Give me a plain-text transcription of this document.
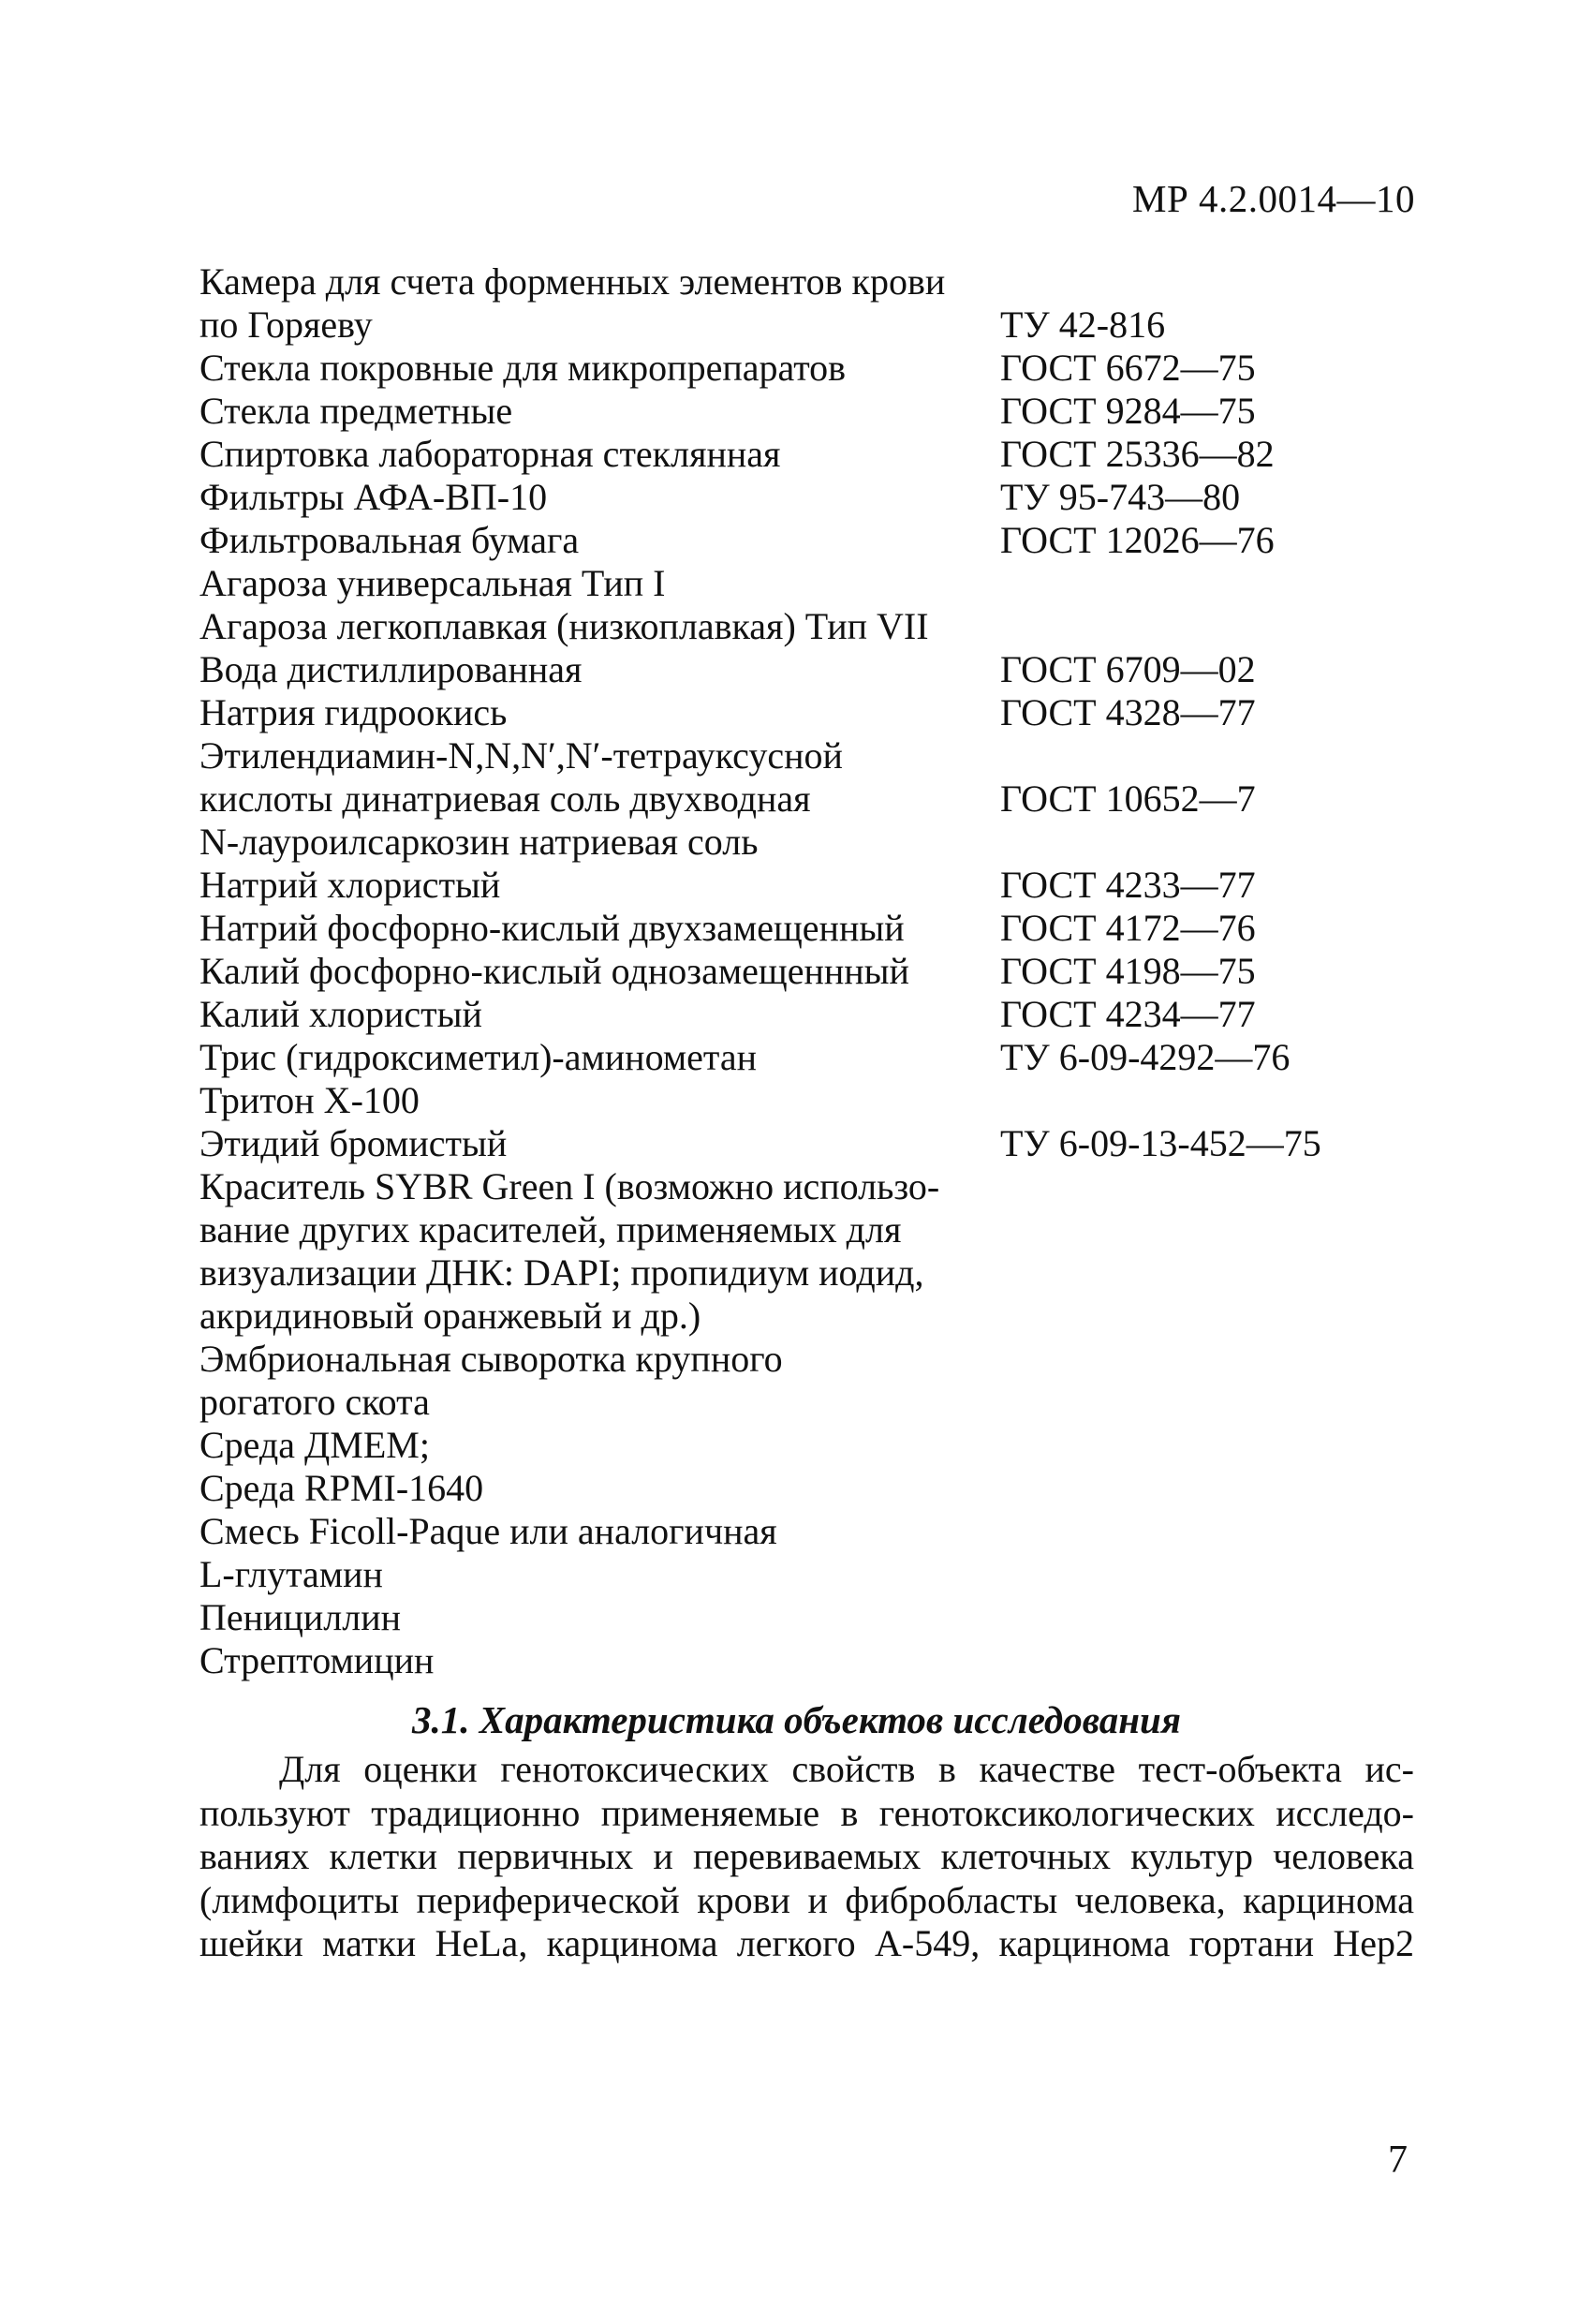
МР 4.2.0014—10
Камера для счета форменных элементов крови
по Горяеву	ТУ 42-816
Стекла покровные для микропрепаратов	ГОСТ 6672—75
Стекла предметные	ГОСТ 9284—75
Спиртовка лабораторная стеклянная	ГОСТ 25336—82
Фильтры АФА-ВП-10	ТУ 95-743—80
Фильтровальная бумага	ГОСТ 12026—76
Агароза универсальная Тип I
Агароза легкоплавкая (низкоплавкая) Тип VII
Вода дистиллированная	ГОСТ 6709—02
Натрия гидроокись	ГОСТ 4328—77
Этилендиамин-N,N,N′,N′-тетрауксусной
кислоты динатриевая соль двухводная	ГОСТ 10652—7
N-лауроилсаркозин натриевая соль
Натрий хлористый	ГОСТ 4233—77
Натрий фосфорно-кислый двухзамещенный	ГОСТ 4172—76
Калий фосфорно-кислый однозамещеннный	ГОСТ 4198—75
Калий хлористый	ГОСТ 4234—77
Трис (гидроксиметил)-аминометан	ТУ 6-09-4292—76
Тритон Х-100
Этидий бромистый	ТУ 6-09-13-452—75
Краситель SYBR Green I (возможно использо-
вание других красителей, применяемых для
визуализации ДНК: DAPI; пропидиум иодид,
акридиновый оранжевый и др.)
Эмбриональная сыворотка крупного
рогатого скота
Среда ДМЕМ;
Среда RPMI-1640
Смесь Ficoll-Paque или аналогичная
L-глутамин
Пенициллин
Стрептомицин
3.1. Характеристика объектов исследования
Для оценки генотоксических свойств в качестве тест-объекта ис-
пользуют традиционно применяемые в генотоксикологических исследо-
ваниях клетки первичных и перевиваемых клеточных культур человека
(лимфоциты периферической крови и фибробласты человека, карцинома
шейки матки HeLa, карцинома легкого А-549, карцинома гортани Hep2
7
